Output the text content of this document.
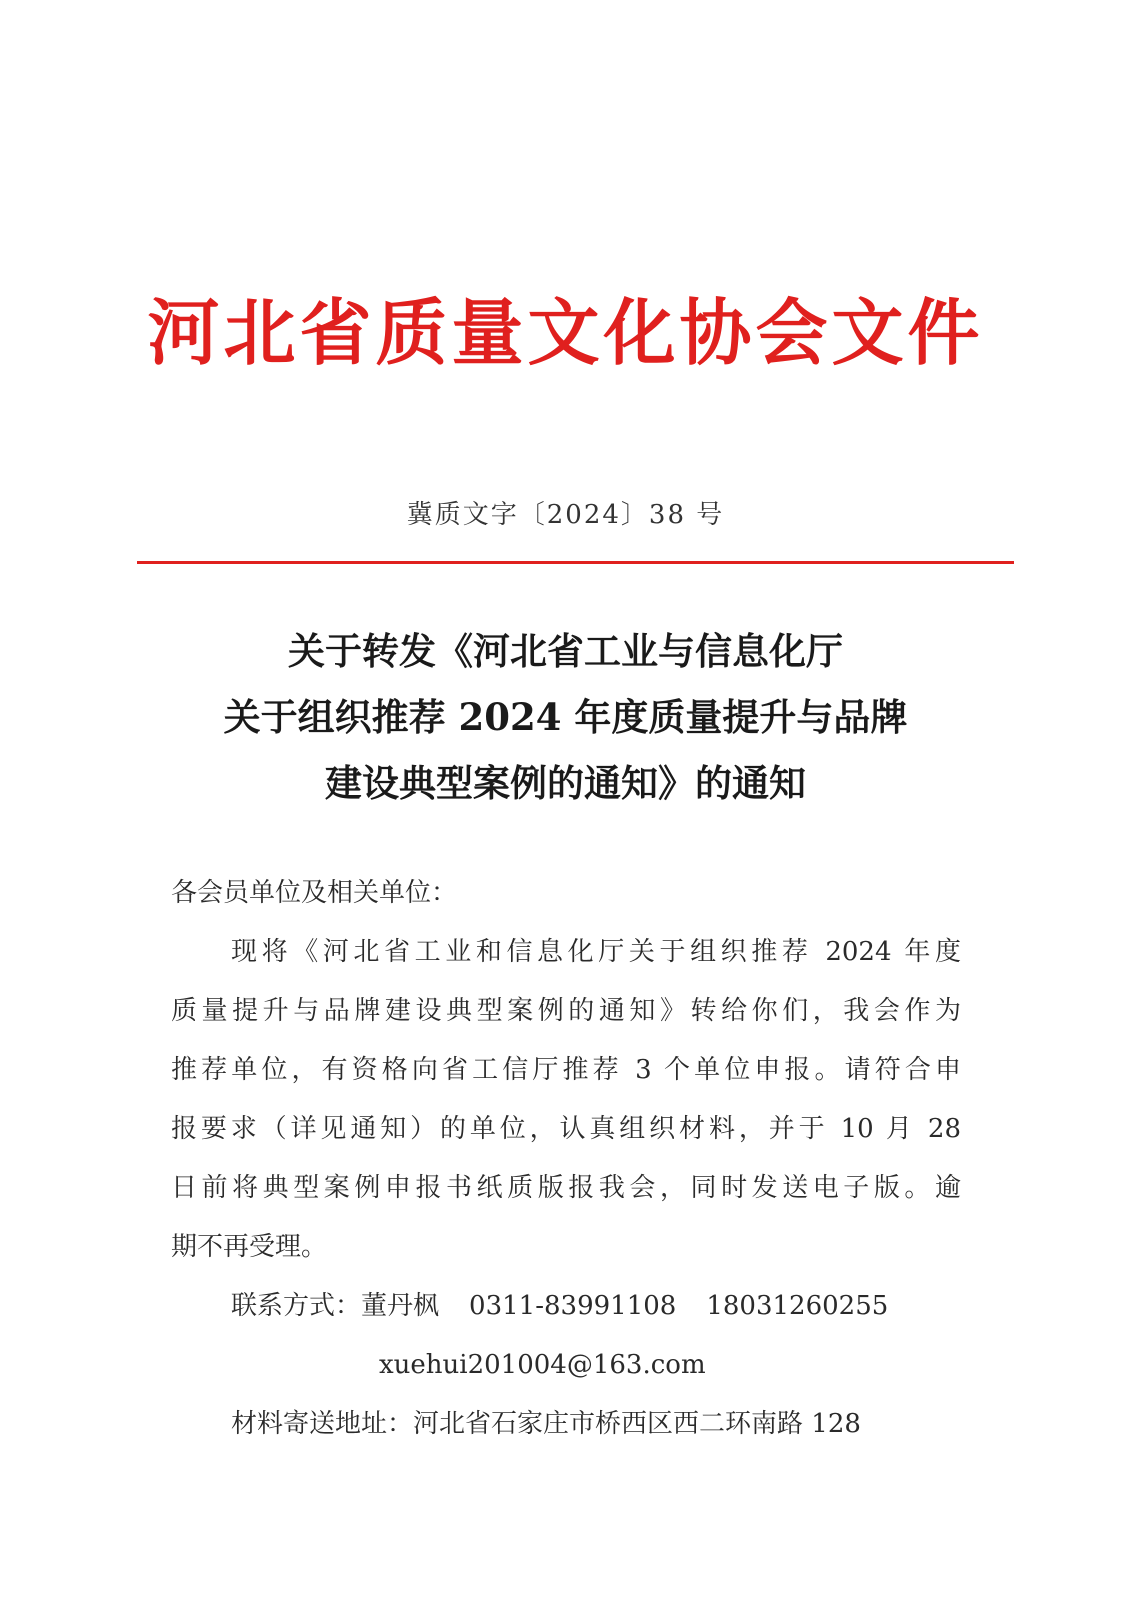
河北省质量文化协会文件
冀质文字〔2024〕38 号
关于转发《河北省工业与信息化厅
关于组织推荐 2024 年度质量提升与品牌
建设典型案例的通知》的通知
各会员单位及相关单位：
现将《河北省工业和信息化厅关于组织推荐 2024 年度
质量提升与品牌建设典型案例的通知》转给你们，我会作为
推荐单位，有资格向省工信厅推荐 3 个单位申报。请符合申
报要求（详见通知）的单位，认真组织材料，并于 10 月 28
日前将典型案例申报书纸质版报我会，同时发送电子版。逾
期不再受理。
联系方式：董丹枫 0311-83991108 18031260255
xuehui201004@163.com
材料寄送地址：河北省石家庄市桥西区西二环南路 128
